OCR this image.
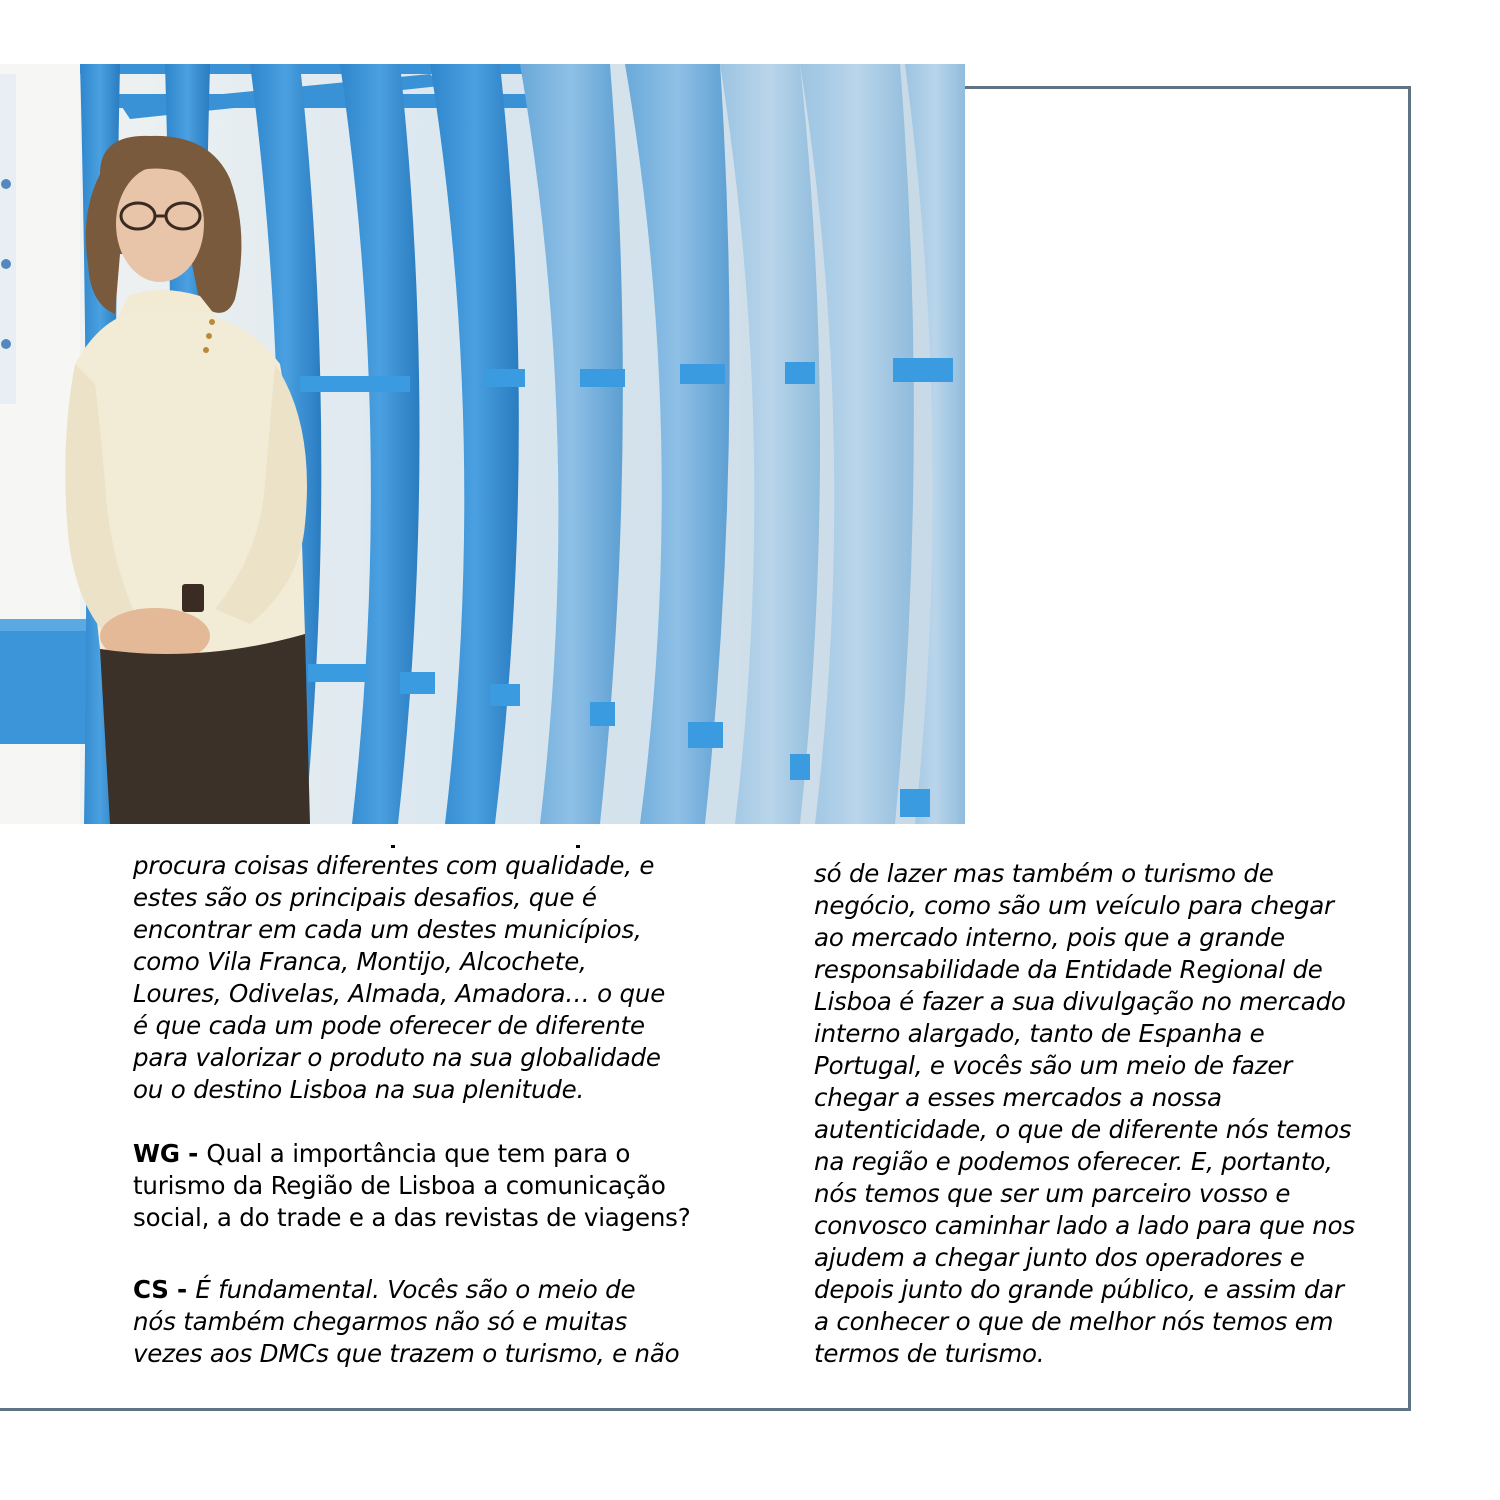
procura coisas diferentes com qualidade, e
estes são os principais desafios, que é
encontrar em cada um destes municípios,
como Vila Franca, Montijo, Alcochete,
Loures, Odivelas, Almada, Amadora… o que
é que cada um pode oferecer de diferente
para valorizar o produto na sua globalidade
ou o destino Lisboa na sua plenitude.

WG - Qual a importância que tem para o turismo da Região de Lisboa a comunicação social, a do trade e a das revistas de viagens?

CS - É fundamental. Vocês são o meio de
nós também chegarmos não só e muitas
vezes aos DMCs que trazem o turismo, e não

só de lazer mas também o turismo de
negócio, como são um veículo para chegar
ao mercado interno, pois que a grande
responsabilidade da Entidade Regional de
Lisboa é fazer a sua divulgação no mercado
interno alargado, tanto de Espanha e
Portugal, e vocês são um meio de fazer
chegar a esses mercados a nossa
autenticidade, o que de diferente nós temos
na região e podemos oferecer. E, portanto,
nós temos que ser um parceiro vosso e
convosco caminhar lado a lado para que nos
ajudem a chegar junto dos operadores e
depois junto do grande público, e assim dar
a conhecer o que de melhor nós temos em
termos de turismo.
